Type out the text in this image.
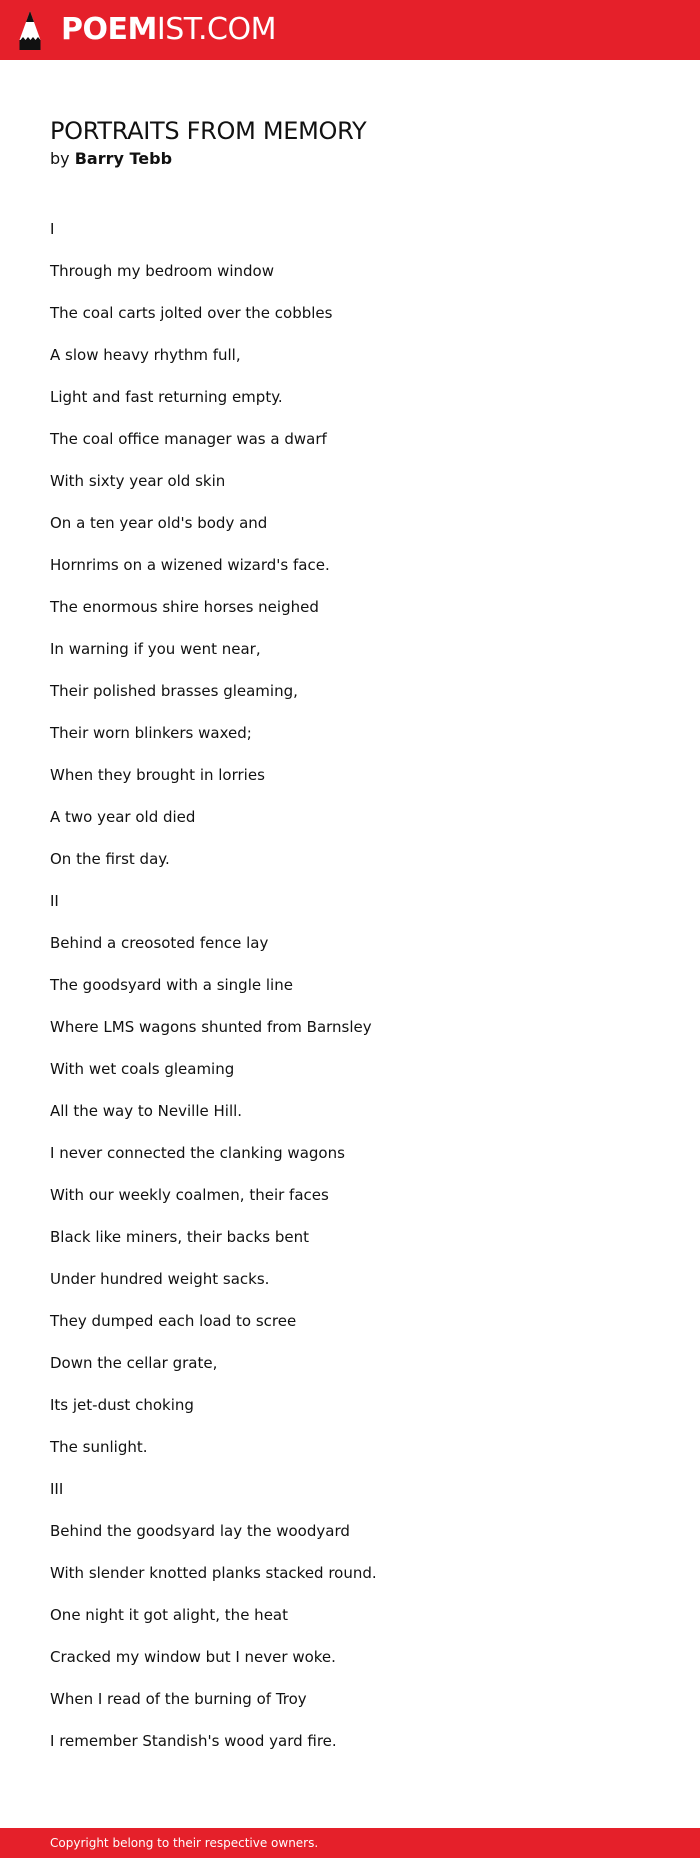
POEMIST.COM
PORTRAITS FROM MEMORY
by Barry Tebb
I
Through my bedroom window
The coal carts jolted over the cobbles
A slow heavy rhythm full,
Light and fast returning empty.
The coal office manager was a dwarf
With sixty year old skin
On a ten year old's body and
Hornrims on a wizened wizard's face.
The enormous shire horses neighed
In warning if you went near,
Their polished brasses gleaming,
Their worn blinkers waxed;
When they brought in lorries
A two year old died
On the first day.
II
Behind a creosoted fence lay
The goodsyard with a single line
Where LMS wagons shunted from Barnsley
With wet coals gleaming
All the way to Neville Hill.
I never connected the clanking wagons
With our weekly coalmen, their faces
Black like miners, their backs bent
Under hundred weight sacks.
They dumped each load to scree
Down the cellar grate,
Its jet-dust choking
The sunlight.
III
Behind the goodsyard lay the woodyard
With slender knotted planks stacked round.
One night it got alight, the heat
Cracked my window but I never woke.
When I read of the burning of Troy
I remember Standish's wood yard fire.
Copyright belong to their respective owners.
